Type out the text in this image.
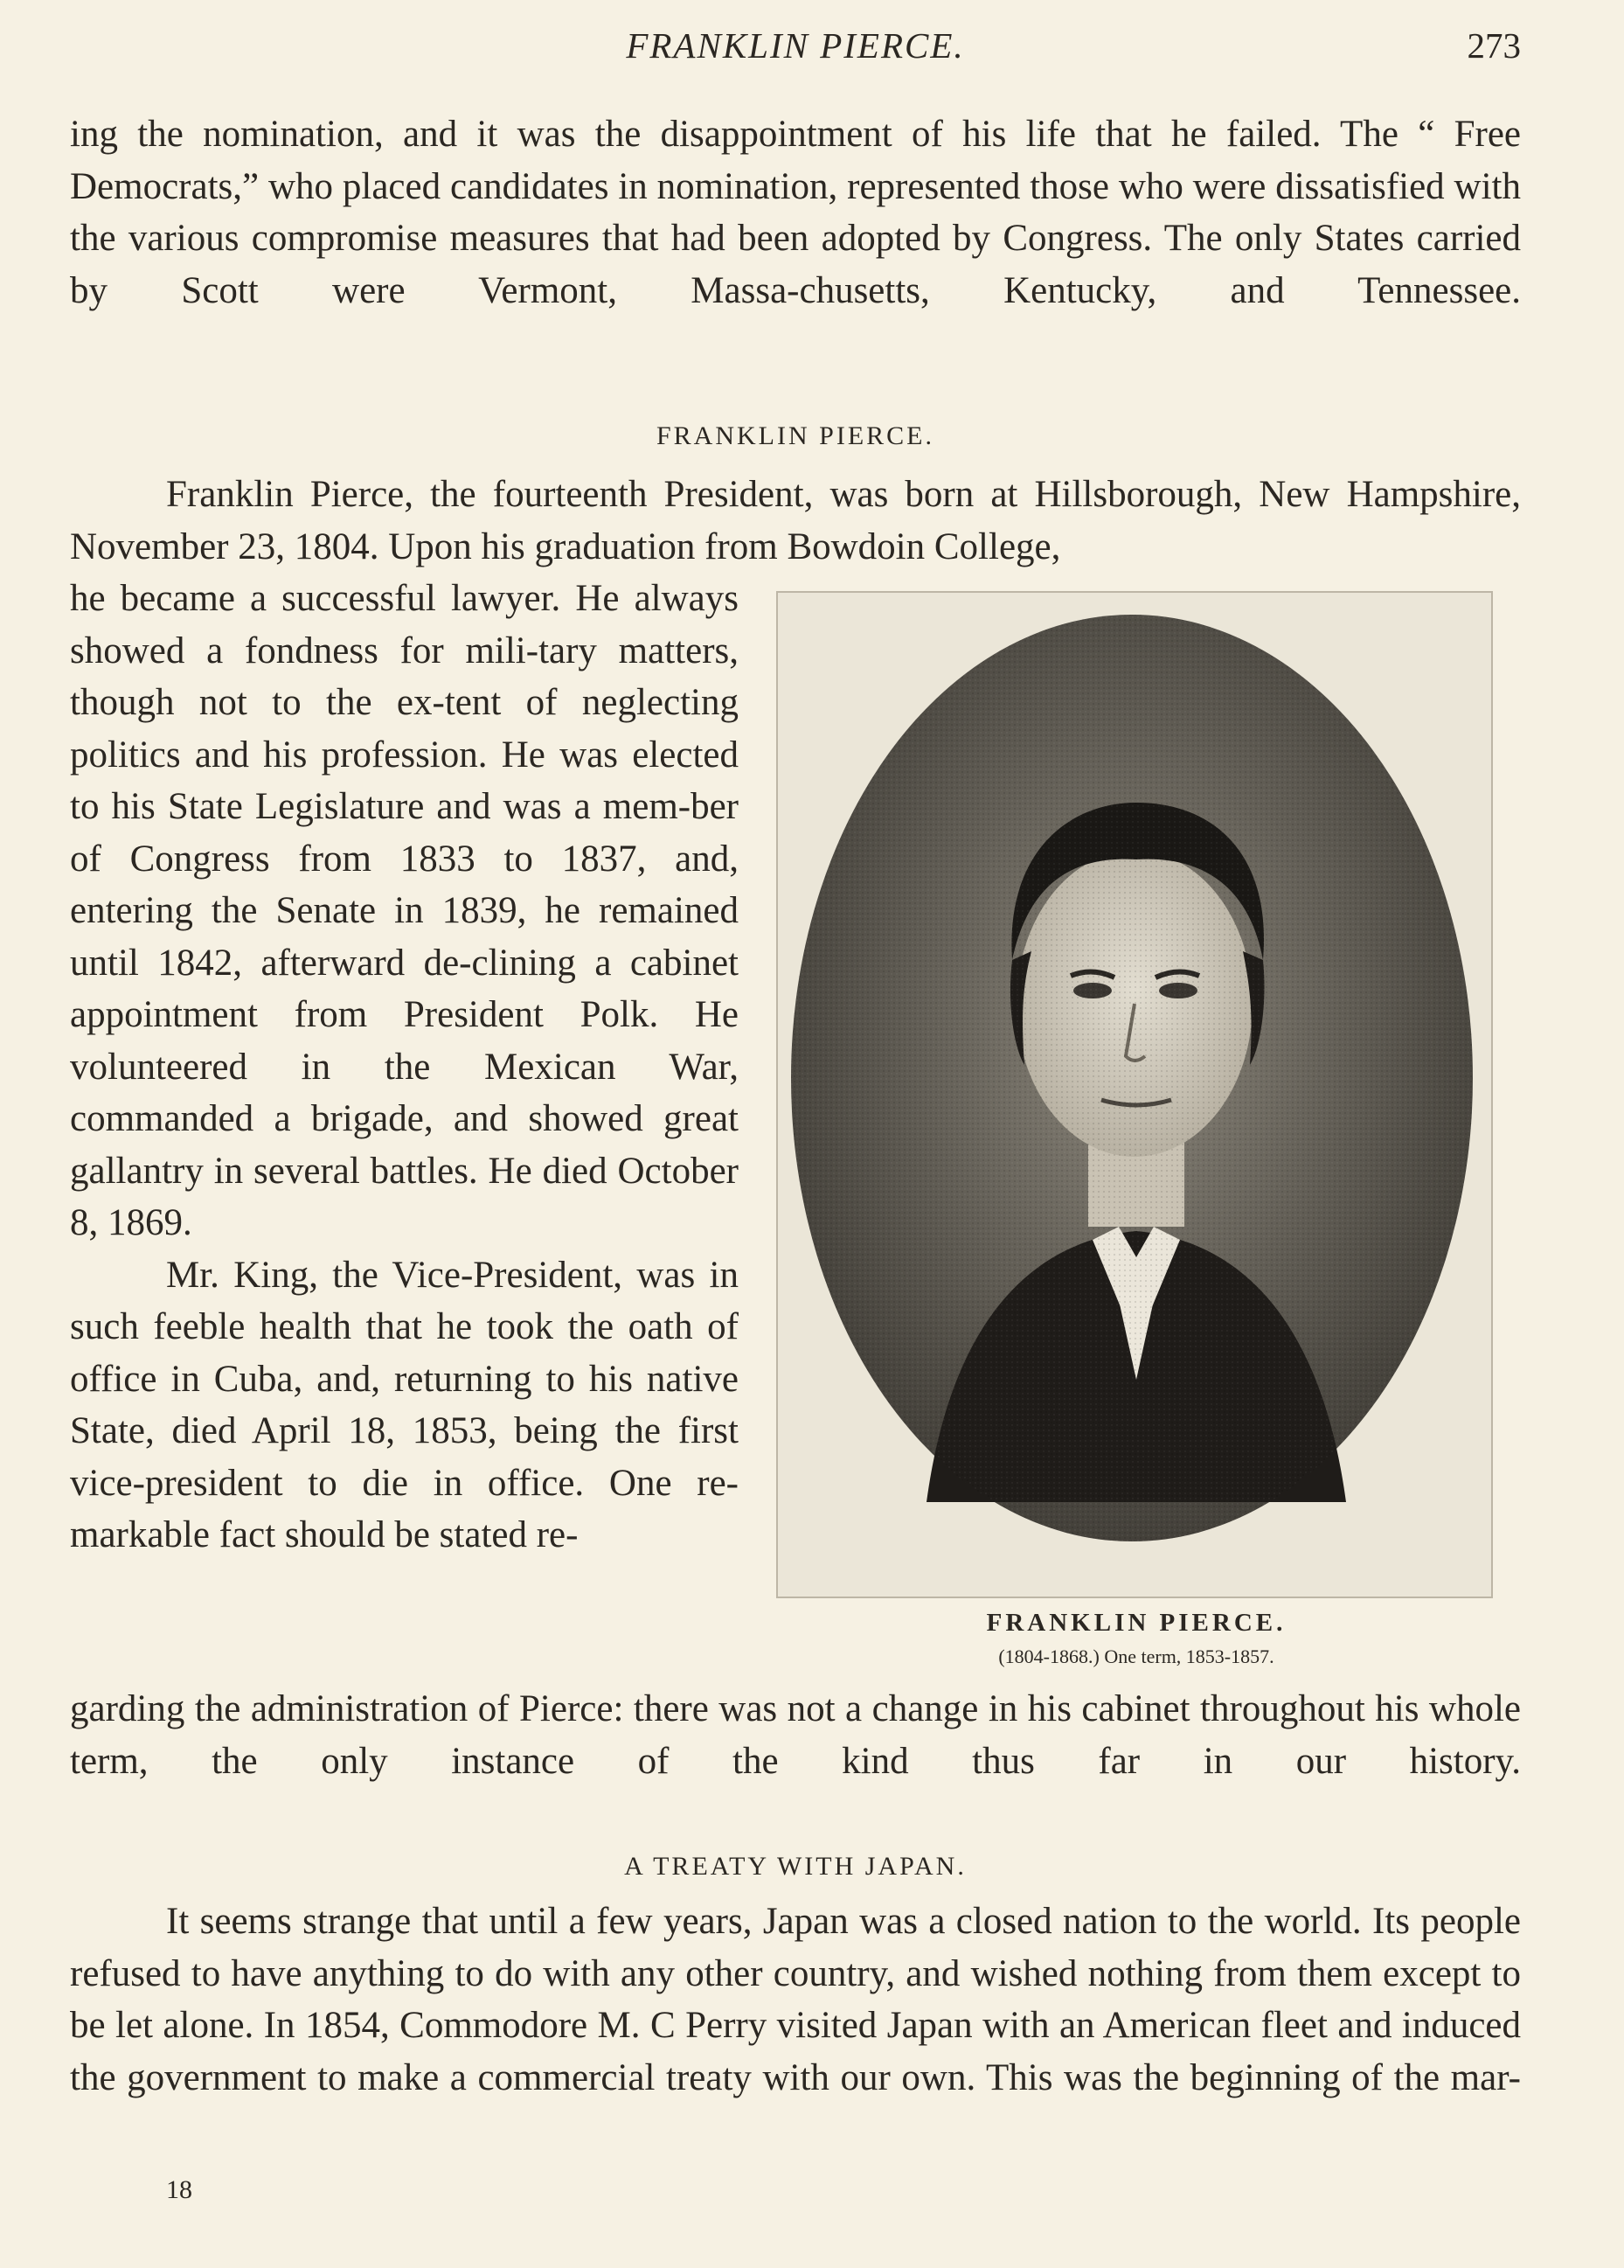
FRANKLIN PIERCE.	273

ing the nomination, and it was the disappointment of his life that he failed. The “ Free Democrats,” who placed candidates in nomination, represented those who were dissatisfied with the various compromise measures that had been adopted by Congress. The only States carried by Scott were Vermont, Massa-chusetts, Kentucky, and Tennessee.

FRANKLIN PIERCE.

Franklin Pierce, the fourteenth President, was born at Hillsborough, New Hampshire, November 23, 1804. Upon his graduation from Bowdoin College,

he became a successful lawyer. He always showed a fondness for mili-tary matters, though not to the ex-tent of neglecting politics and his profession. He was elected to his State Legislature and was a mem-ber of Congress from 1833 to 1837, and, entering the Senate in 1839, he remained until 1842, afterward de-clining a cabinet appointment from President Polk. He volunteered in the Mexican War, commanded a brigade, and showed great gallantry in several battles. He died October 8, 1869.

Mr. King, the Vice-President, was in such feeble health that he took the oath of office in Cuba, and, returning to his native State, died April 18, 1853, being the first vice-president to die in office. One re-markable fact should be stated re-

FRANKLIN PIERCE.
(1804-1868.) One term, 1853-1857.

garding the administration of Pierce: there was not a change in his cabinet throughout his whole term, the only instance of the kind thus far in our history.

A TREATY WITH JAPAN.

It seems strange that until a few years, Japan was a closed nation to the world. Its people refused to have anything to do with any other country, and wished nothing from them except to be let alone. In 1854, Commodore M. C Perry visited Japan with an American fleet and induced the government to make a commercial treaty with our own. This was the beginning of the mar-

18
